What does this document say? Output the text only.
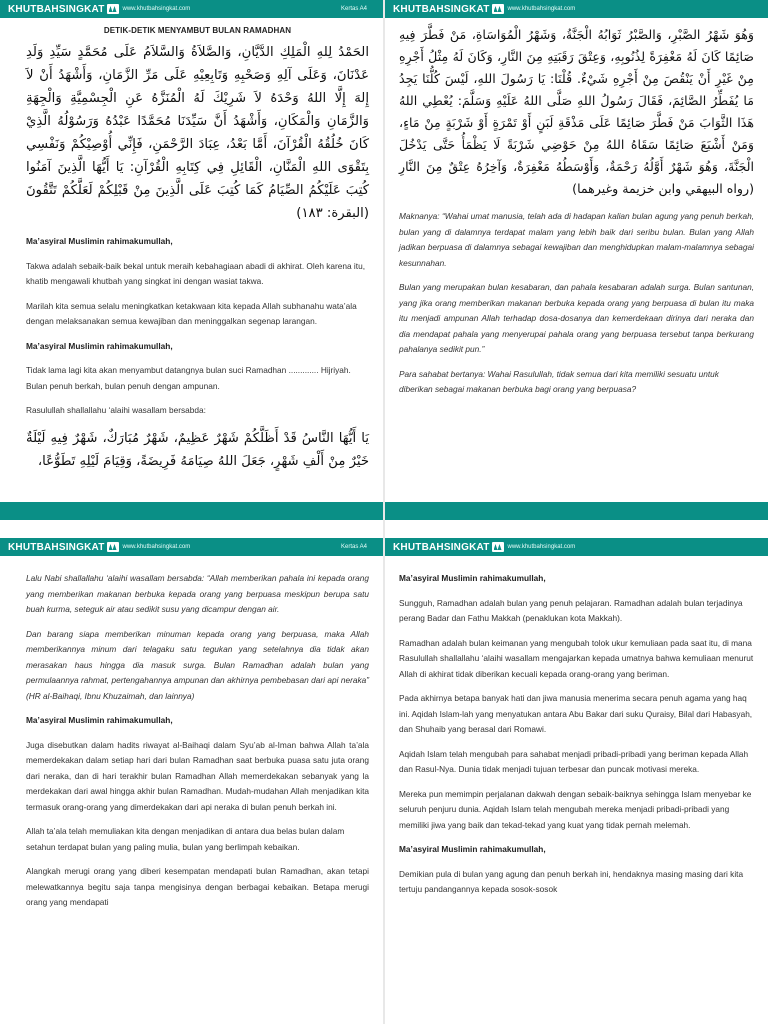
KHUTBAHSINGKAT	www.khutbahsingkat.com	Kertas A4
DETIK-DETIK MENYAMBUT BULAN RAMADHAN
الحَمْدُ لِلهِ الْمَلِكِ الدَّيَّانِ، وَالصَّلاَةُ وَالسَّلاَمُ عَلَى مُحَمَّدٍ سَيِّدِ وَلَدِ عَدْنَانَ، وَعَلَى آلِهِ وَصَحْبِهِ وَتَابِعِيْهِ عَلَى مَرِّ الزَّمَانِ، وَأَشْهَدُ أَنْ لاَ إِلهَ إِلَّا اللهُ وَحْدَهُ لاَ شَرِيْكَ لَهُ الْمُنَزَّهُ عَنِ الْجِسْمِيَّةِ وَالْجِهَةِ وَالزَّمَانِ وَالْمَكَانِ، وَأَشْهَدُ أَنَّ سَيِّدَنَا مُحَمَّدًا عَبْدُهُ وَرَسُوْلُهُ الَّذِيْ كَانَ خُلُقُهُ الْقُرْآنَ، أَمَّا بَعْدُ، عِبَادَ الرَّحْمَنِ، فَإِنِّي أُوْصِيْكُمْ وَنَفْسِي بِتَقْوَى اللهِ الْمَنَّانِ، الْقَائِلِ فِي كِتَابِهِ الْقُرْآنِ: يَا أَيُّهَا الَّذِينَ آمَنُوا كُتِبَ عَلَيْكُمُ الصِّيَامُ كَمَا كُتِبَ عَلَى الَّذِينَ مِنْ قَبْلِكُمْ لَعَلَّكُمْ تَتَّقُونَ (البقرة: ١٨٣)

Ma’asyiral Muslimin rahimakumullah,

Takwa adalah sebaik-baik bekal untuk meraih kebahagiaan abadi di akhirat. Oleh karena itu, khatib mengawali khutbah yang singkat ini dengan wasiat takwa.

Marilah kita semua selalu meningkatkan ketakwaan kita kepada Allah subhanahu wata’ala dengan melaksanakan semua kewajiban dan meninggalkan segenap larangan.

Ma’asyiral Muslimin rahimakumullah,

Tidak lama lagi kita akan menyambut datangnya bulan suci Ramadhan ............. Hijriyah. Bulan penuh berkah, bulan penuh dengan ampunan.

Rasulullah shallallahu ‘alaihi wasallam bersabda:

يَا أَيُّهَا النَّاسُ قَدْ أَظَلَّكُمْ شَهْرٌ عَظِيمٌ، شَهْرٌ مُبَارَكٌ، شَهْرٌ فِيهِ لَيْلَةٌ خَيْرٌ مِنْ أَلْفِ شَهْرٍ، جَعَلَ اللهُ صِيَامَهُ فَرِيضَةً، وَقِيَامَ لَيْلِهِ تَطَوُّعًا،
KHUTBAHSINGKAT	www.khutbahsingkat.com
وَهُوَ شَهْرُ الصَّبْرِ، وَالصَّبْرُ ثَوَابُهُ الْجَنَّةُ، وَشَهْرُ الْمُوَاسَاةِ، مَنْ فَطَّرَ فِيهِ صَائِمًا كَانَ لَهُ مَغْفِرَةً لِذُنُوبِهِ، وَعِتْقَ رَقَبَتِهِ مِنَ النَّارِ، وَكَانَ لَهُ مِثْلُ أَجْرِهِ مِنْ غَيْرِ أَنْ يَنْقُصَ مِنْ أَجْرِهِ شَيْءٌ. قُلْنَا: يَا رَسُولَ اللهِ، لَيْسَ كُلُّنَا يَجِدُ مَا يُفَطِّرُ الصَّائِمَ، فَقَالَ رَسُولُ اللهِ صَلَّى اللهُ عَلَيْهِ وَسَلَّمَ: يُعْطِي اللهُ هَذَا الثَّوَابَ مَنْ فَطَّرَ صَائِمًا عَلَى مَذْقَةِ لَبَنٍ أَوْ تَمْرَةٍ أَوْ شَرْبَةٍ مِنْ مَاءٍ، وَمَنْ أَشْبَعَ صَائِمًا سَقَاهُ اللهُ مِنْ حَوْضِي شَرْبَةً لَا يَظْمَأُ حَتَّى يَدْخُلَ الْجَنَّةَ، وَهُوَ شَهْرٌ أَوَّلُهُ رَحْمَةٌ، وَأَوْسَطُهُ مَغْفِرَةٌ، وَآخِرُهُ عِتْقٌ مِنَ النَّارِ (رواه البيهقي وابن خزيمة وغيرهما)

Maknanya: “Wahai umat manusia, telah ada di hadapan kalian bulan agung yang penuh berkah, bulan yang di dalamnya terdapat malam yang lebih baik dari seribu bulan. Bulan yang Allah jadikan berpuasa di dalamnya sebagai kewajiban dan menghidupkan malam-malamnya sebagai kesunnahan.

Bulan yang merupakan bulan kesabaran, dan pahala kesabaran adalah surga. Bulan santunan, yang jika orang memberikan makanan berbuka kepada orang yang berpuasa di bulan itu maka itu menjadi ampunan Allah terhadap dosa-dosanya dan kemerdekaan dirinya dari neraka dan dia mendapat pahala yang menyerupai pahala orang yang berpuasa tersebut tanpa berkurang pahalanya sedikit pun.”

Para sahabat bertanya: Wahai Rasulullah, tidak semua dari kita memiliki sesuatu untuk diberikan sebagai makanan berbuka bagi orang yang berpuasa?

KHUTBAHSINGKAT	www.khutbahsingkat.com	Kertas A4

Lalu Nabi shallallahu ‘alaihi wasallam bersabda: “Allah memberikan pahala ini kepada orang yang memberikan makanan berbuka kepada orang yang berpuasa meskipun berupa satu buah kurma, seteguk air atau sedikit susu yang dicampur dengan air.

Dan barang siapa memberikan minuman kepada orang yang berpuasa, maka Allah memberikannya minum dari telagaku satu tegukan yang setelahnya dia tidak akan merasakan haus hingga dia masuk surga. Bulan Ramadhan adalah bulan yang permulaannya rahmat, pertengahannya ampunan dan akhirnya pembebasan dari api neraka” (HR al-Baihaqi, Ibnu Khuzaimah, dan lainnya)

Ma’asyiral Muslimin rahimakumullah,

Juga disebutkan dalam hadits riwayat al-Baihaqi dalam Syu’ab al-Iman bahwa Allah ta’ala memerdekakan dalam setiap hari dari bulan Ramadhan saat berbuka puasa satu juta orang dari neraka, dan di hari terakhir bulan Ramadhan Allah memerdekakan sebanyak yang la merdekakan dari awal hingga akhir bulan Ramadhan. Mudah-mudahan Allah menjadikan kita termasuk orang-orang yang dimerdekakan dari api neraka di bulan penuh berkah ini.

Allah ta’ala telah memuliakan kita dengan menjadikan di antara dua belas bulan dalam setahun terdapat bulan yang paling mulia, bulan yang berlimpah kebaikan.

Alangkah merugi orang yang diberi kesempatan mendapati bulan Ramadhan, akan tetapi melewatkannya begitu saja tanpa mengisinya dengan berbagai kebaikan. Betapa merugi orang yang mendapati

KHUTBAHSINGKAT	www.khutbahsingkat.com

Ma’asyiral Muslimin rahimakumullah,

Sungguh, Ramadhan adalah bulan yang penuh pelajaran. Ramadhan adalah bulan terjadinya perang Badar dan Fathu Makkah (penaklukan kota Makkah).

Ramadhan adalah bulan keimanan yang mengubah tolok ukur kemuliaan pada saat itu, di mana Rasulullah shallallahu ‘alaihi wasallam mengajarkan kepada umatnya bahwa kemuliaan menurut Allah di akhirat tidak diberikan kecuali kepada orang-orang yang beriman.

Pada akhirnya betapa banyak hati dan jiwa manusia menerima secara penuh agama yang haq ini. Aqidah Islam-lah yang menyatukan antara Abu Bakar dari suku Quraisy, Bilal dari Habasyah, dan Shuhaib yang berasal dari Romawi.

Aqidah Islam telah mengubah para sahabat menjadi pribadi-pribadi yang beriman kepada Allah dan Rasul-Nya. Dunia tidak menjadi tujuan terbesar dan puncak motivasi mereka.

Mereka pun memimpin perjalanan dakwah dengan sebaik-baiknya sehingga Islam menyebar ke seluruh penjuru dunia. Aqidah Islam telah mengubah mereka menjadi pribadi-pribadi yang memiliki jiwa yang baik dan tekad-tekad yang kuat yang tidak pernah melemah.

Ma’asyiral Muslimin rahimakumullah,

Demikian pula di bulan yang agung dan penuh berkah ini, hendaknya masing masing dari kita tertuju pandangannya kepada sosok-sosok
